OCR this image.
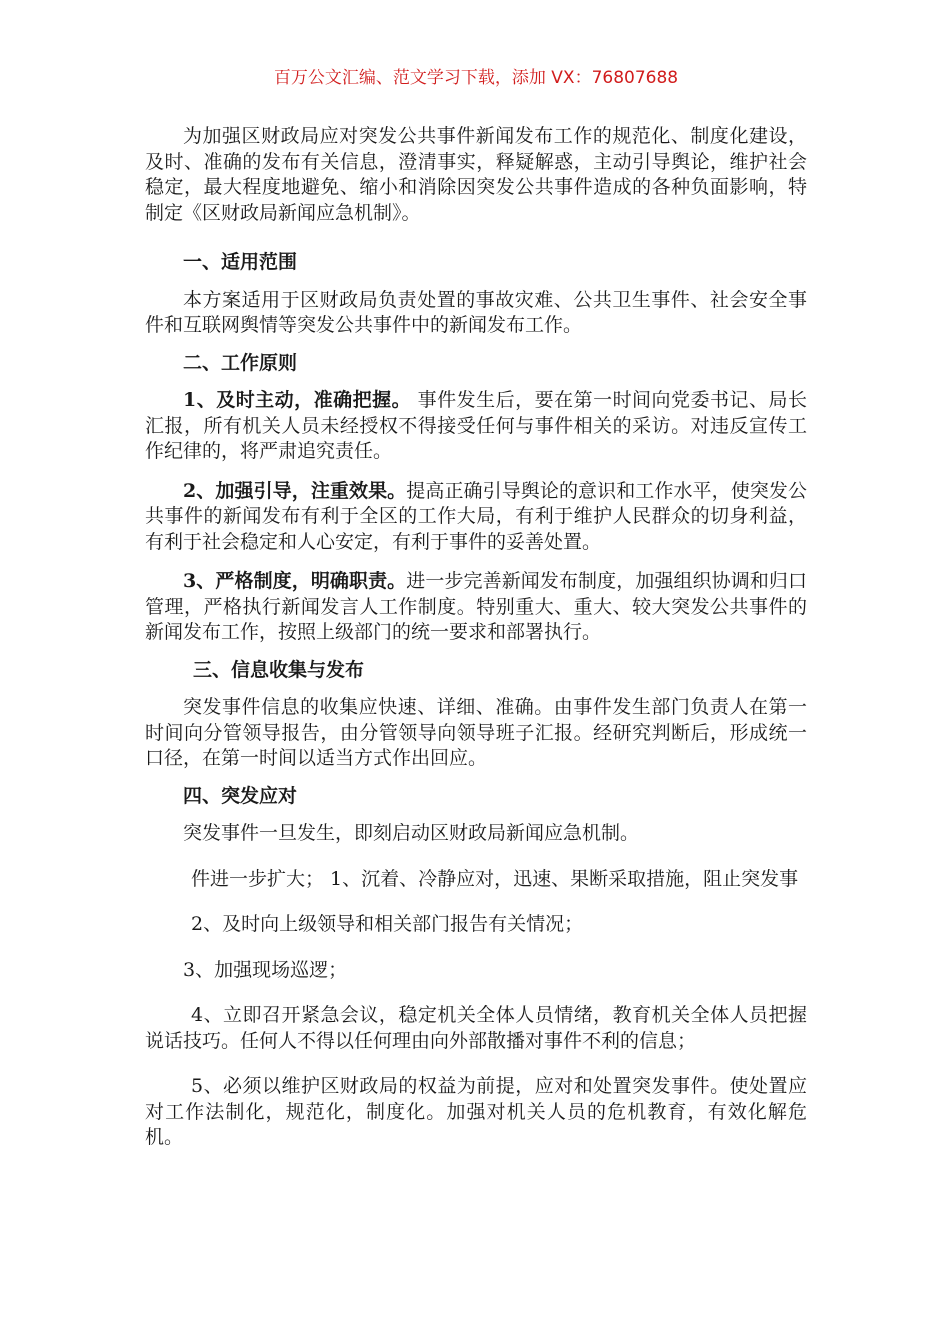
百万公文汇编、范文学习下载，添加 VX：76807688

为加强区财政局应对突发公共事件新闻发布工作的规范化、制度化建设，及时、准确的发布有关信息，澄清事实，释疑解惑，主动引导舆论，维护社会稳定，最大程度地避免、缩小和消除因突发公共事件造成的各种负面影响，特制定《区财政局新闻应急机制》。

一、适用范围

本方案适用于区财政局负责处置的事故灾难、公共卫生事件、社会安全事件和互联网舆情等突发公共事件中的新闻发布工作。

二、工作原则

1、及时主动，准确把握。 事件发生后，要在第一时间向党委书记、局长汇报，所有机关人员未经授权不得接受任何与事件相关的采访。对违反宣传工作纪律的，将严肃追究责任。

2、加强引导，注重效果。提高正确引导舆论的意识和工作水平，使突发公共事件的新闻发布有利于全区的工作大局，有利于维护人民群众的切身利益，有利于社会稳定和人心安定，有利于事件的妥善处置。

3、严格制度，明确职责。进一步完善新闻发布制度，加强组织协调和归口管理，严格执行新闻发言人工作制度。特别重大、重大、较大突发公共事件的新闻发布工作，按照上级部门的统一要求和部署执行。

三、信息收集与发布

突发事件信息的收集应快速、详细、准确。由事件发生部门负责人在第一时间向分管领导报告，由分管领导向领导班子汇报。经研究判断后，形成统一口径，在第一时间以适当方式作出回应。

四、突发应对

突发事件一旦发生，即刻启动区财政局新闻应急机制。

件进一步扩大； 1、沉着、冷静应对，迅速、果断采取措施，阻止突发事

2、及时向上级领导和相关部门报告有关情况；

3、加强现场巡逻；

4、立即召开紧急会议，稳定机关全体人员情绪，教育机关全体人员把握说话技巧。任何人不得以任何理由向外部散播对事件不利的信息；

5、必须以维护区财政局的权益为前提，应对和处置突发事件。使处置应对工作法制化，规范化，制度化。加强对机关人员的危机教育，有效化解危机。
